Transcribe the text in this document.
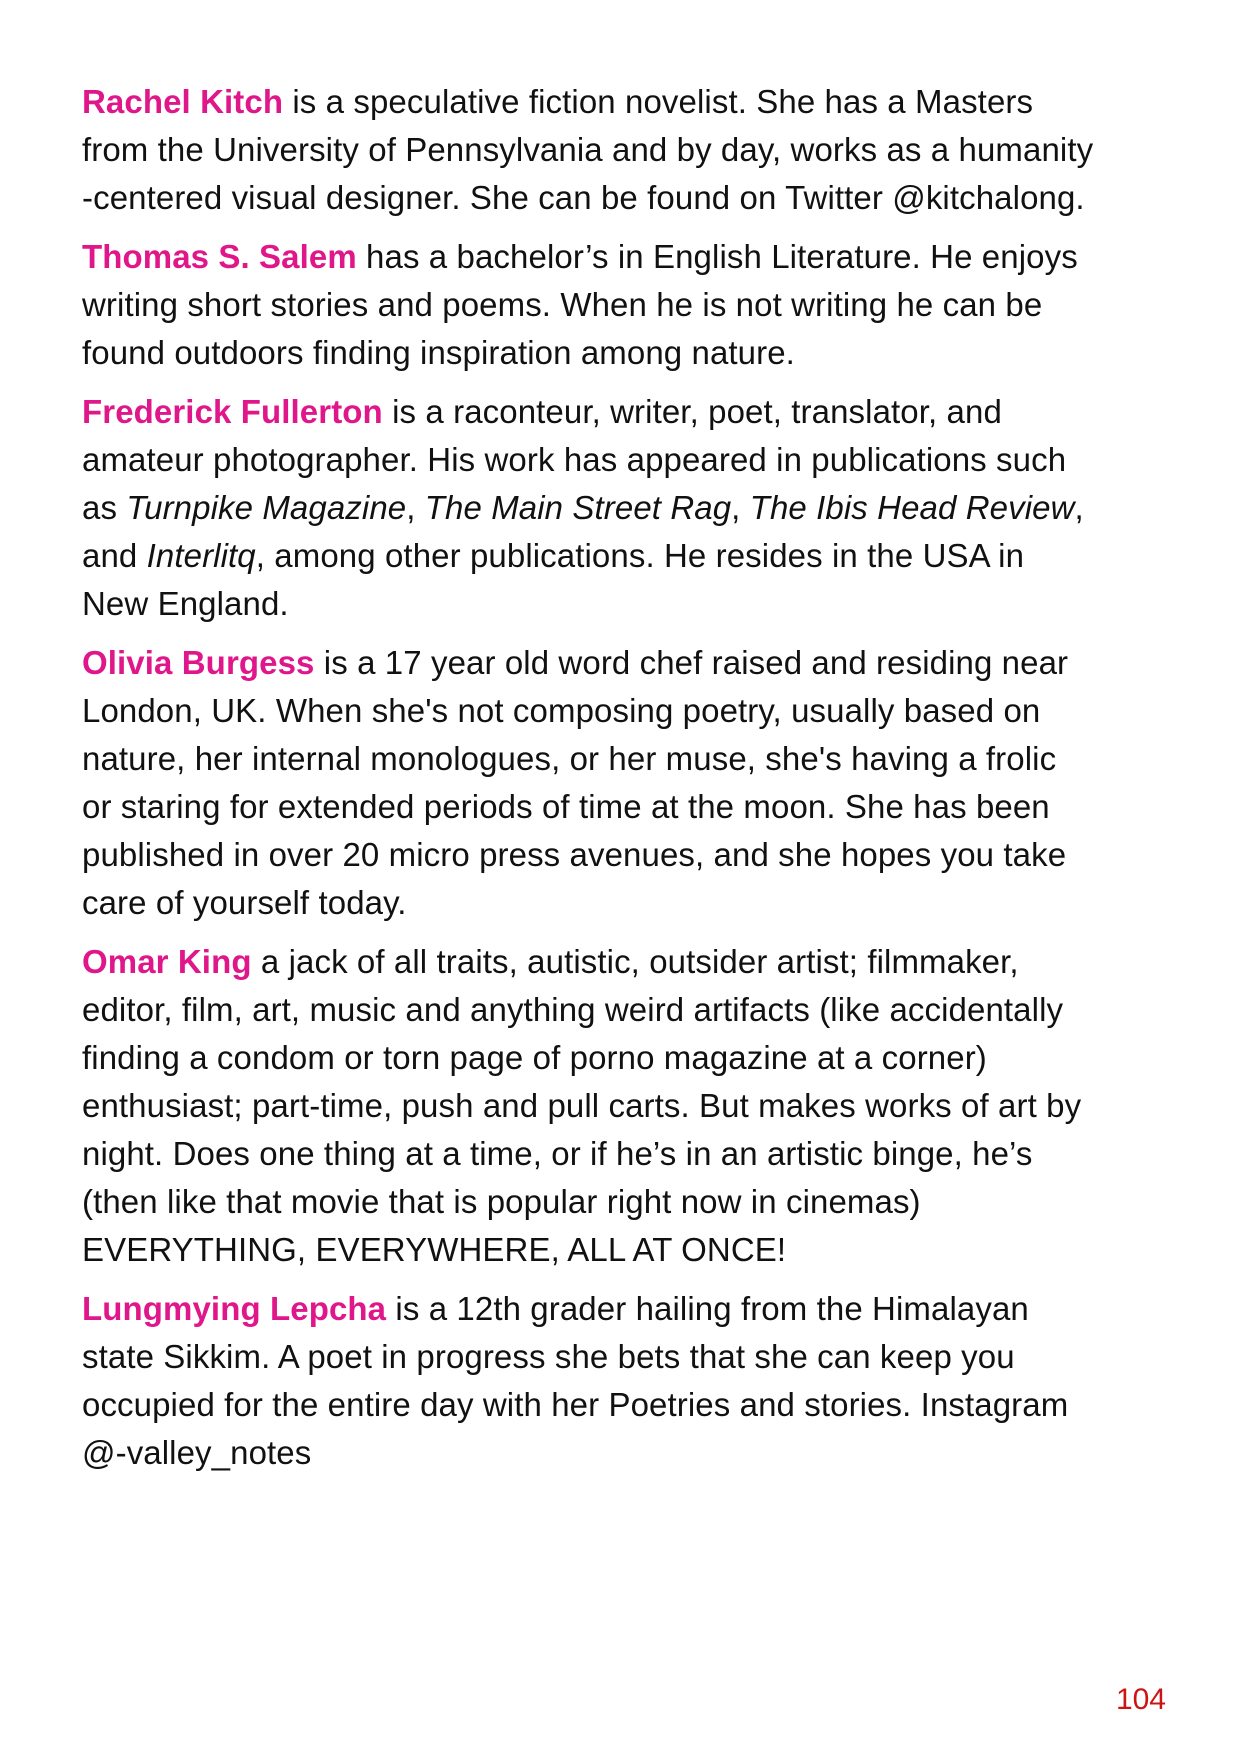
Rachel Kitch is a speculative fiction novelist. She has a Masters
from the University of Pennsylvania and by day, works as a humanity
-centered visual designer. She can be found on Twitter @kitchalong.

Thomas S. Salem has a bachelor’s in English Literature. He enjoys
writing short stories and poems. When he is not writing he can be
found outdoors finding inspiration among nature.

Frederick Fullerton is a raconteur, writer, poet, translator, and
amateur photographer. His work has appeared in publications such
as Turnpike Magazine, The Main Street Rag, The Ibis Head Review,
and Interlitq, among other publications. He resides in the USA in
New England.

Olivia Burgess is a 17 year old word chef raised and residing near
London, UK. When she's not composing poetry, usually based on
nature, her internal monologues, or her muse, she's having a frolic
or staring for extended periods of time at the moon. She has been
published in over 20 micro press avenues, and she hopes you take
care of yourself today.

Omar King a jack of all traits, autistic, outsider artist; filmmaker,
editor, film, art, music and anything weird artifacts (like accidentally
finding a condom or torn page of porno magazine at a corner)
enthusiast; part-time, push and pull carts. But makes works of art by
night. Does one thing at a time, or if he’s in an artistic binge, he’s
(then like that movie that is popular right now in cinemas)
EVERYTHING, EVERYWHERE, ALL AT ONCE!

Lungmying Lepcha is a 12th grader hailing from the Himalayan
state Sikkim. A poet in progress she bets that she can keep you
occupied for the entire day with her Poetries and stories. Instagram
@-valley_notes

104
